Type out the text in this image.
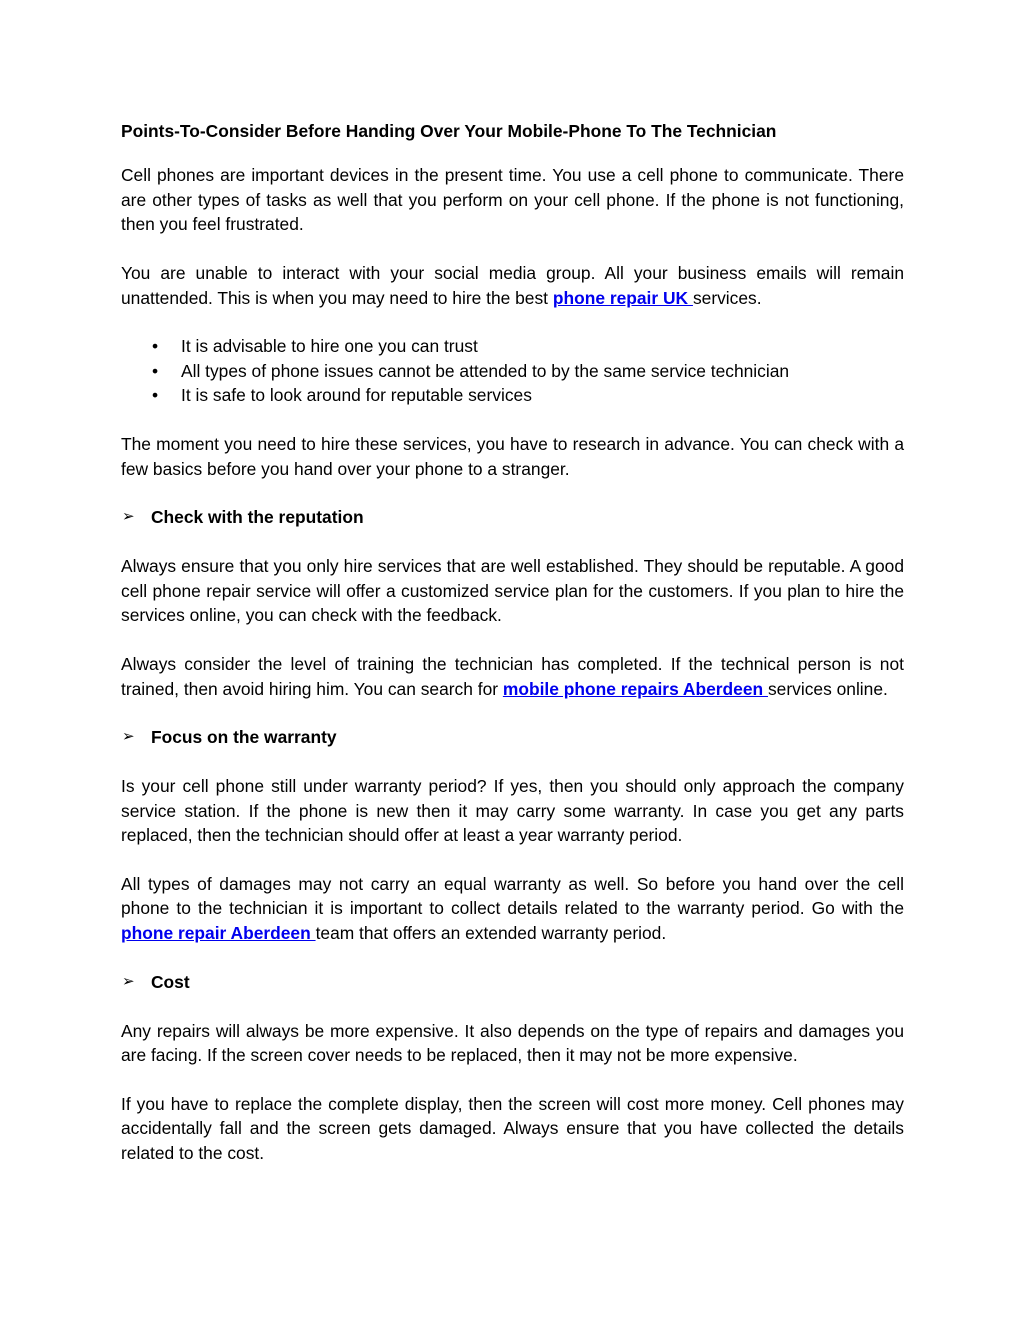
Points-To-Consider Before Handing Over Your Mobile-Phone To The Technician

Cell phones are important devices in the present time. You use a cell phone to communicate. There are other types of tasks as well that you perform on your cell phone. If the phone is not functioning, then you feel frustrated.

You are unable to interact with your social media group. All your business emails will remain unattended. This is when you may need to hire the best phone repair UK services.

• It is advisable to hire one you can trust
• All types of phone issues cannot be attended to by the same service technician
• It is safe to look around for reputable services

The moment you need to hire these services, you have to research in advance. You can check with a few basics before you hand over your phone to a stranger.

➢ Check with the reputation

Always ensure that you only hire services that are well established. They should be reputable. A good cell phone repair service will offer a customized service plan for the customers. If you plan to hire the services online, you can check with the feedback.

Always consider the level of training the technician has completed. If the technical person is not trained, then avoid hiring him. You can search for mobile phone repairs Aberdeen services online.

➢ Focus on the warranty

Is your cell phone still under warranty period? If yes, then you should only approach the company service station. If the phone is new then it may carry some warranty. In case you get any parts replaced, then the technician should offer at least a year warranty period.

All types of damages may not carry an equal warranty as well. So before you hand over the cell phone to the technician it is important to collect details related to the warranty period. Go with the phone repair Aberdeen team that offers an extended warranty period.

➢ Cost

Any repairs will always be more expensive. It also depends on the type of repairs and damages you are facing. If the screen cover needs to be replaced, then it may not be more expensive.

If you have to replace the complete display, then the screen will cost more money. Cell phones may accidentally fall and the screen gets damaged. Always ensure that you have collected the details related to the cost.
